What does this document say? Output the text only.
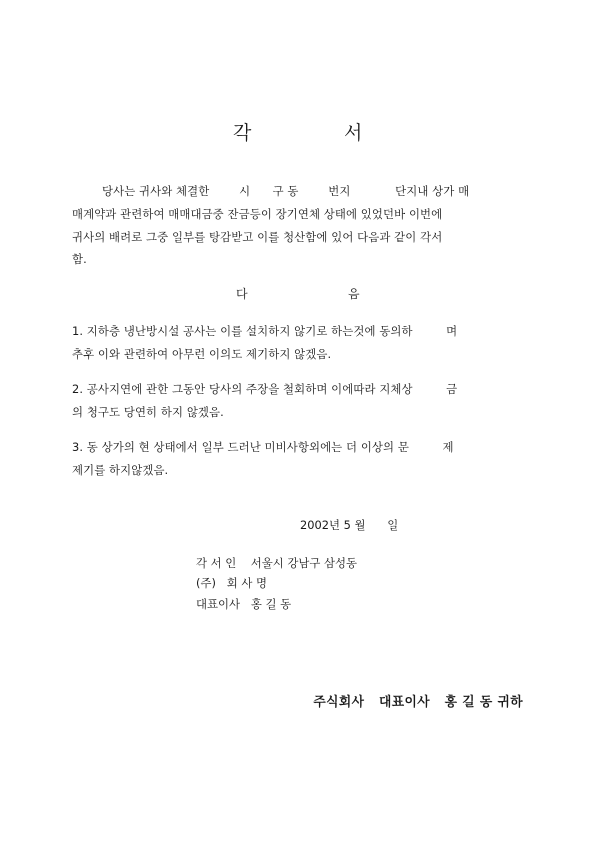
각	서
당사는 귀사와 체결한        시      구 동        번지            단지내 상가 매
매계약과 관련하여 매매대금중 잔금등이 장기연체 상태에 있었던바 이번에
귀사의 배려로 그중 일부를 탕감받고 이를 청산함에 있어 다음과 같이 각서
함.
다	음
1. 지하층 냉난방시설 공사는 이를 설치하지 않기로 하는것에 동의하         며
추후 이와 관련하여 아무런 이의도 제기하지 않겠음.
2. 공사지연에 관한 그동안 당사의 주장을 철회하며 이에따라 지체상         금
의 청구도 당연히 하지 않겠음.
3. 동 상가의 현 상태에서 일부 드러난 미비사항외에는 더 이상의 문         제
제기를 하지않겠음.
2002년 5 월      일
각 서 인    서울시 강남구 삼성동
(주)   회 사 명
대표이사   홍 길 동
주식회사   대표이사   홍 길 동 귀하
